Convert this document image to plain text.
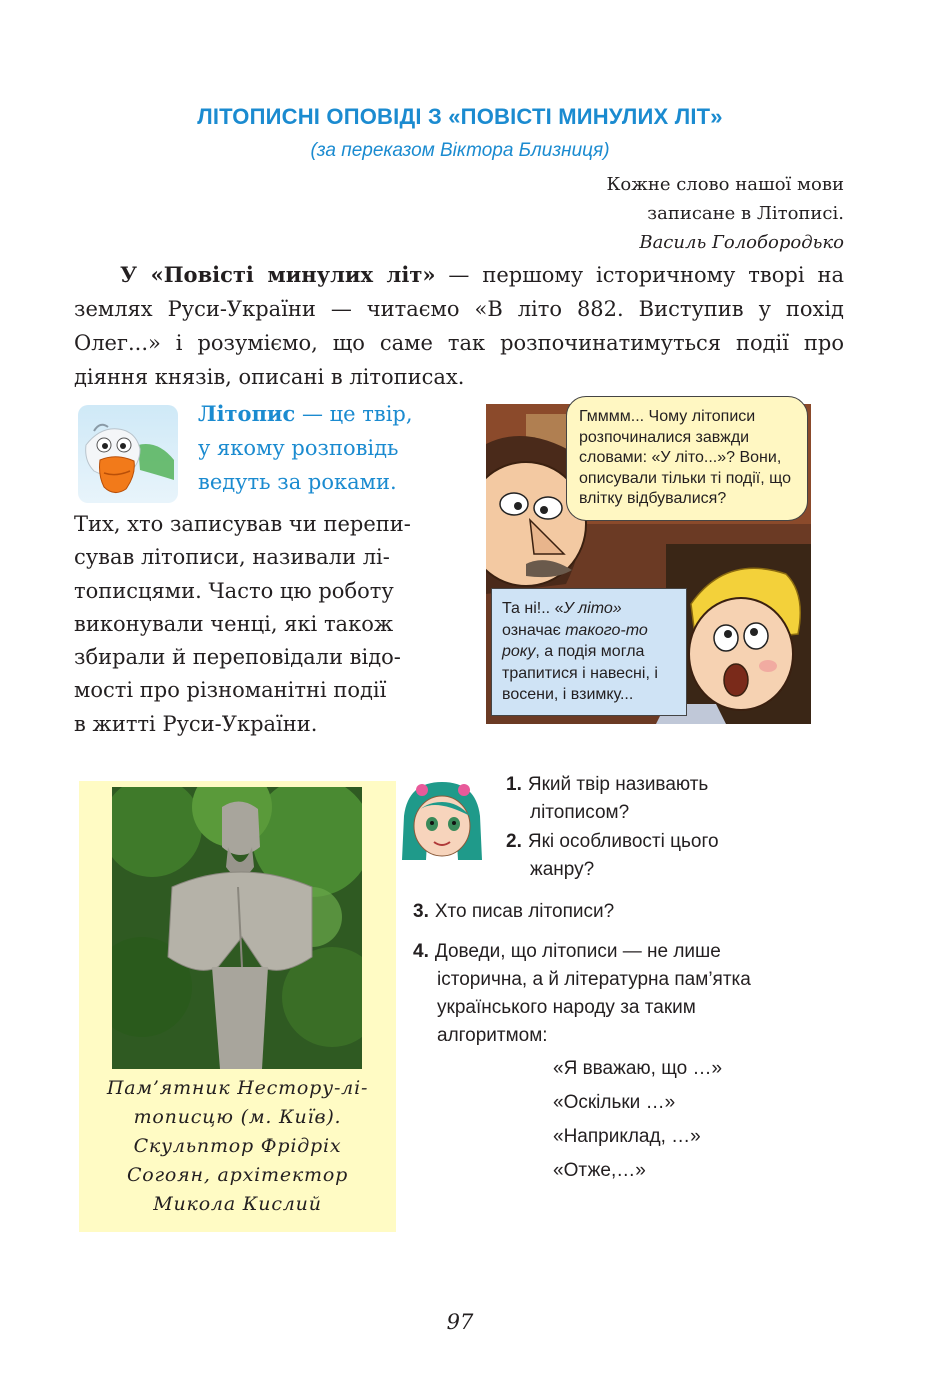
ЛІТОПИСНІ ОПОВІДІ З «ПОВІСТІ МИНУЛИХ ЛІТ»
(за переказом Віктора Близниця)
Кожне слово нашої мови
записане в Літописі.
Василь Голобородько

У «Повісті минулих літ» — першому історичному творі на землях Руси-України — читаємо «В літо 882. Виступив у похід Олег...» і розуміємо, що саме так розпочинатимуться події про діяння князів, описані в літописах.

Літопис — це твір,
у якому розповідь
ведуть за роками.
Тих, хто записував чи перепи-
сував літописи, називали лі-
тописцями. Часто цю роботу
виконували ченці, які також
збирали й переповідали відо-
мості про різноманітні події
в житті Руси-України.
Гмммм... Чому літописи розпочиналися завжди словами: «У літо...»? Вони, описували тільки ті події, що влітку відбувалися?
Та ні!.. «У літо» означає такого-то року, а подія могла трапитися і навесні, і восени, і взимку...
Пам’ятник Нестору-лі-
тописцю (м. Київ).
Скульптор Фрідріх
Согоян, архітектор
Микола Кислий
1. Який твір називають
літописом?
2. Які особливості цього
жанру?
3. Хто писав літописи?
4. Доведи, що літописи — не лише
історична, а й літературна пам’ятка
українського народу за таким
алгоритмом:
«Я вважаю, що …»
«Оскільки …»
«Наприклад, …»
«Отже,…»
97
